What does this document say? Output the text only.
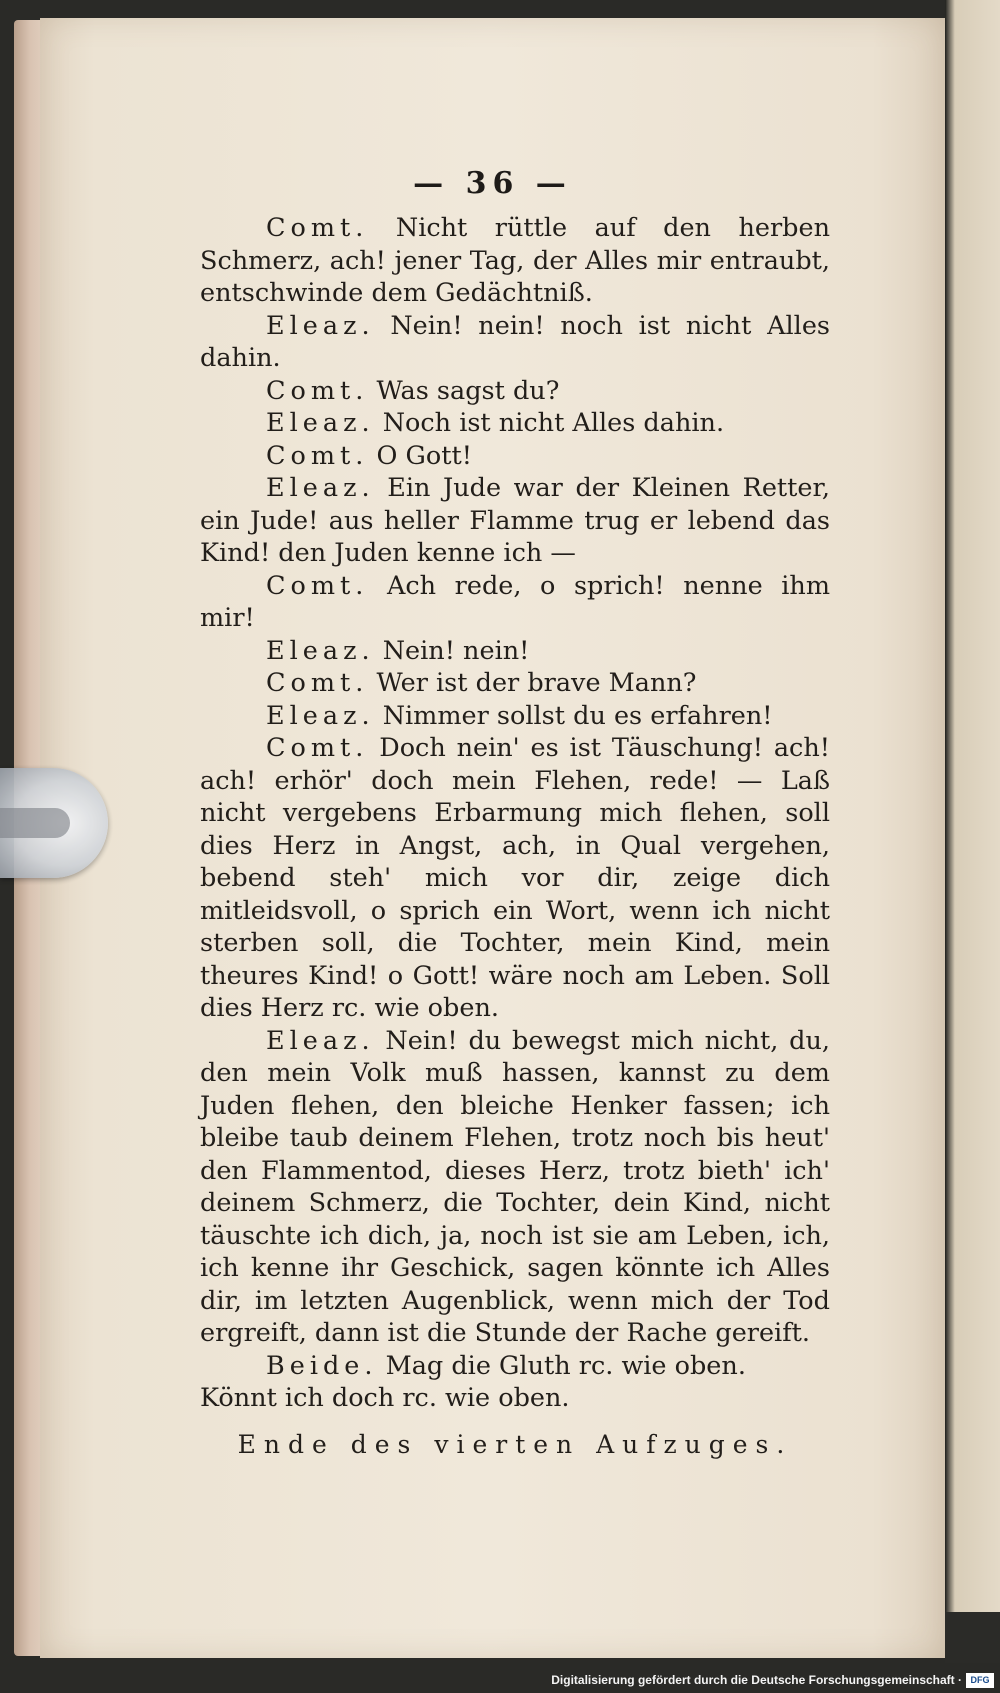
— 36 —

Comt. Nicht rüttle auf den herben Schmerz, ach! jener Tag, der Alles mir entraubt, entschwinde dem Gedächtniß.

Eleaz. Nein! nein! noch ist nicht Alles dahin.

Comt. Was sagst du?

Eleaz. Noch ist nicht Alles dahin.

Comt. O Gott!

Eleaz. Ein Jude war der Kleinen Retter, ein Jude! aus heller Flamme trug er lebend das Kind! den Juden kenne ich —

Comt. Ach rede, o sprich! nenne ihm mir!

Eleaz. Nein! nein!

Comt. Wer ist der brave Mann?

Eleaz. Nimmer sollst du es erfahren!

Comt. Doch nein' es ist Täuschung! ach! ach! erhör' doch mein Flehen, rede! — Laß nicht vergebens Erbarmung mich flehen, soll dies Herz in Angst, ach, in Qual vergehen, bebend steh' mich vor dir, zeige dich mitleidsvoll, o sprich ein Wort, wenn ich nicht sterben soll, die Tochter, mein Kind, mein theures Kind! o Gott! wäre noch am Leben. Soll dies Herz rc. wie oben.

Eleaz. Nein! du bewegst mich nicht, du, den mein Volk muß hassen, kannst zu dem Juden flehen, den bleiche Henker fassen; ich bleibe taub deinem Flehen, trotz noch bis heut' den Flammentod, dieses Herz, trotz bieth' ich' deinem Schmerz, die Tochter, dein Kind, nicht täuschte ich dich, ja, noch ist sie am Leben, ich, ich kenne ihr Geschick, sagen könnte ich Alles dir, im letzten Augenblick, wenn mich der Tod ergreift, dann ist die Stunde der Rache gereift.

Beide. Mag die Gluth rc. wie oben.

Könnt ich doch rc. wie oben.

Ende des vierten Aufzuges.

Digitalisierung gefördert durch die Deutsche Forschungsgemeinschaft · DFG
